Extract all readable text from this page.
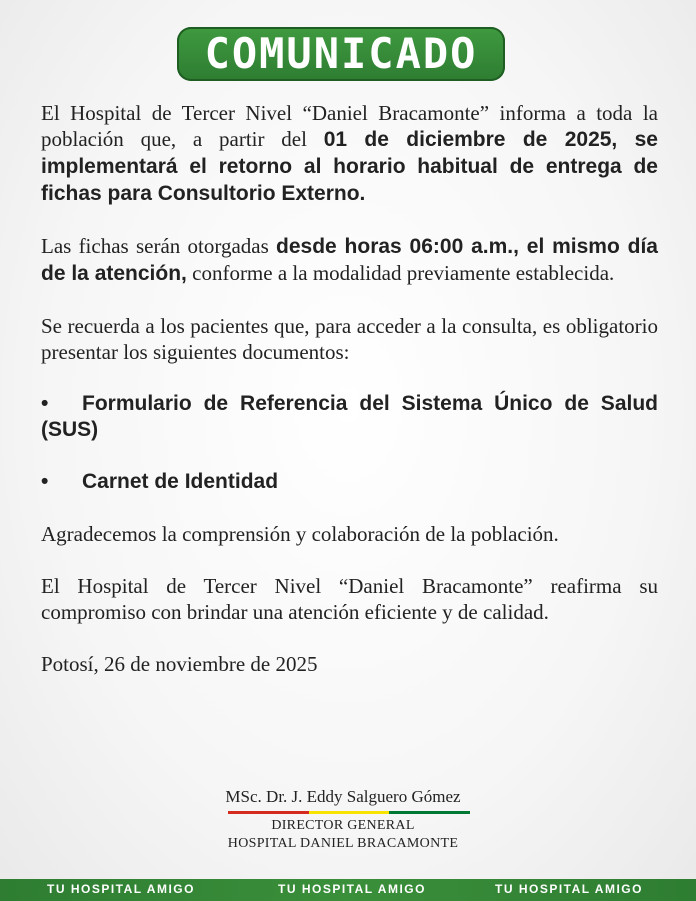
COMUNICADO

El Hospital de Tercer Nivel “Daniel Bracamonte” informa a toda la población que, a partir del 01 de diciembre de 2025, se implementará el retorno al horario habitual de entrega de fichas para Consultorio Externo.

Las fichas serán otorgadas desde horas 06:00 a.m., el mismo día de la atención, conforme a la modalidad previamente establecida.

Se recuerda a los pacientes que, para acceder a la consulta, es obligatorio presentar los siguientes documentos:

• Formulario de Referencia del Sistema Único de Salud (SUS)

• Carnet de Identidad

Agradecemos la comprensión y colaboración de la población.

El Hospital de Tercer Nivel “Daniel Bracamonte” reafirma su compromiso con brindar una atención eficiente y de calidad.

Potosí, 26 de noviembre de 2025

MSc. Dr. J. Eddy Salguero Gómez
DIRECTOR GENERAL
HOSPITAL DANIEL BRACAMONTE
TU HOSPITAL AMIGO	TU HOSPITAL AMIGO	TU HOSPITAL AMIGO
